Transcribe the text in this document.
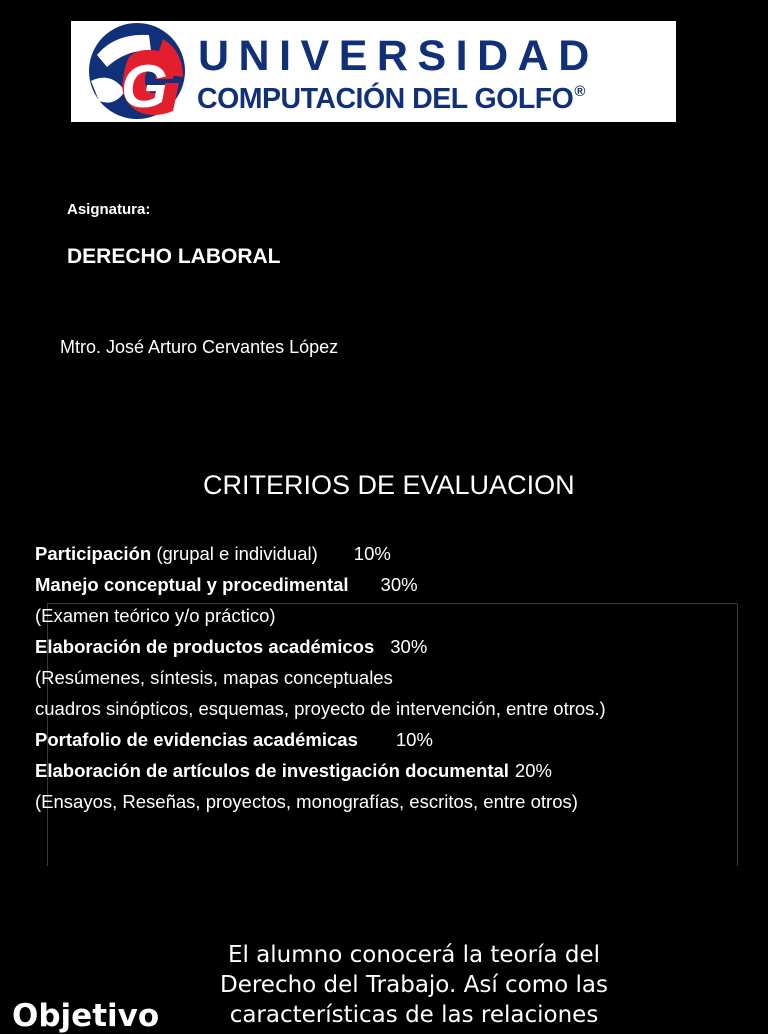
G UNIVERSIDAD
COMPUTACIÓN DEL GOLFO®
Asignatura:
DERECHO LABORAL
Mtro. José Arturo Cervantes López
CRITERIOS DE EVALUACION
Participación (grupal e individual) 10%
Manejo conceptual y procedimental 30%
(Examen teórico y/o práctico)
Elaboración de productos académicos 30%
(Resúmenes, síntesis, mapas conceptuales
cuadros sinópticos, esquemas, proyecto de intervención, entre otros.)
Portafolio de evidencias académicas 10%
Elaboración de artículos de investigación documental 20%
(Ensayos, Reseñas, proyectos, monografías, escritos, entre otros)
Objetivo
El alumno conocerá la teoría del
Derecho del Trabajo. Así como las
características de las relaciones
